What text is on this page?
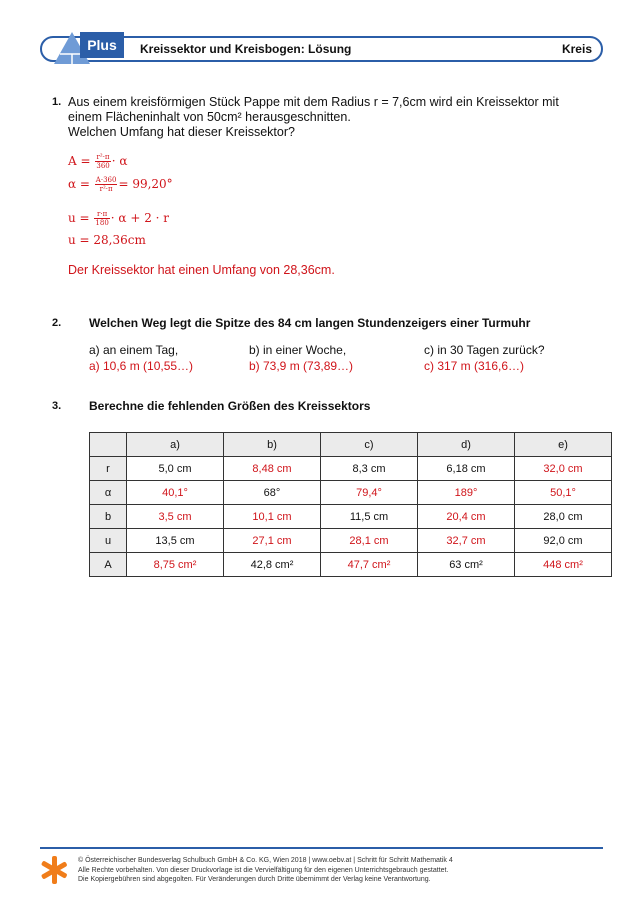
Plus	Kreissektor und Kreisbogen: Lösung	Kreis
1. Aus einem kreisförmigen Stück Pappe mit dem Radius r = 7,6cm wird ein Kreissektor mit
einem Flächeninhalt von 50cm² herausgeschnitten.
Welchen Umfang hat dieser Kreissektor?
$A = \frac{\text{r²·π}}{360} \cdot \alpha$
$\alpha = \frac{A\cdot 360}{\text{r²·π}} = 99,20^\circ$
$u = \frac{r\cdot\pi}{180} \cdot \alpha + 2 \cdot r$
u = 28,36cm
Der Kreissektor hat einen Umfang von 28,36cm.
2. Welchen Weg legt die Spitze des 84 cm langen Stundenzeigers einer Turmuhr
a) an einem Tag,	b) in einer Woche,	c) in 30 Tagen zurück?
a) 10,6 m (10,55…)	b) 73,9 m (73,89…)	c) 317 m (316,6…)
3. Berechne die fehlenden Größen des Kreissektors
	a)	b)	c)	d)	e)
r	5,0 cm	8,48 cm	8,3 cm	6,18 cm	32,0 cm
α	40,1°	68°	79,4°	189°	50,1°
b	3,5 cm	10,1 cm	11,5 cm	20,4 cm	28,0 cm
u	13,5 cm	27,1 cm	28,1 cm	32,7 cm	92,0 cm
A	8,75 cm²	42,8 cm²	47,7 cm²	63 cm²	448 cm²
© Österreichischer Bundesverlag Schulbuch GmbH & Co. KG, Wien 2018 | www.oebv.at | Schritt für Schritt Mathematik 4
Alle Rechte vorbehalten. Von dieser Druckvorlage ist die Vervielfältigung für den eigenen Unterrichtsgebrauch gestattet.
Die Kopiergebühren sind abgegolten. Für Veränderungen durch Dritte übernimmt der Verlag keine Verantwortung.
